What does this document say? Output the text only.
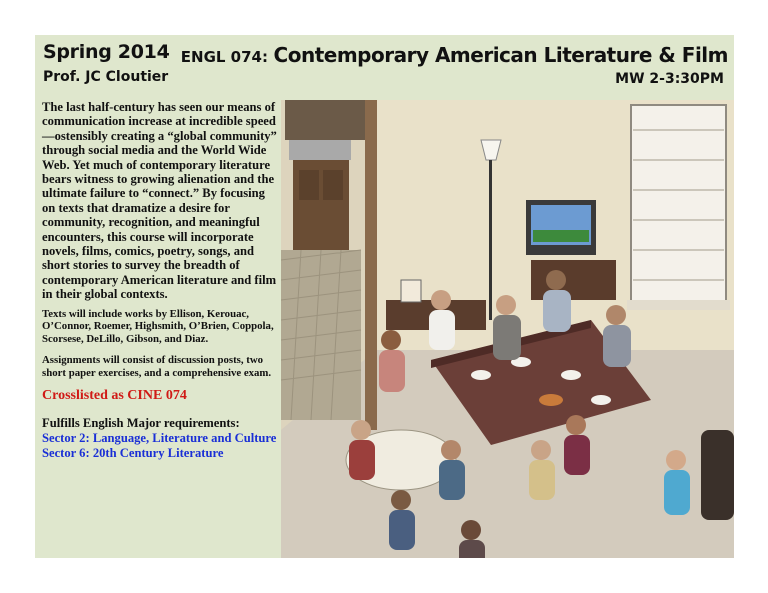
Spring 2014
Prof. JC Cloutier
ENGL 074: Contemporary American Literature & Film
MW 2-3:30PM

The last half-century has seen our means of communication increase at incredible speed—ostensibly creating a “global community” through social media and the World Wide Web. Yet much of contemporary literature bears witness to growing alienation and the ultimate failure to “connect.” By focusing on texts that dramatize a desire for community, recognition, and meaningful encounters, this course will incorporate novels, films, comics, poetry, songs, and short stories to survey the breadth of contemporary American literature and film in their global contexts.

Texts will include works by Ellison, Kerouac, O’Connor, Roemer, Highsmith, O’Brien, Coppola, Scorsese, DeLillo, Gibson, and Diaz.

Assignments will consist of discussion posts, two short paper exercises, and a comprehensive exam.

Crosslisted as CINE 074

Fulfills English Major requirements:

Sector 2: Language, Literature and Culture
Sector 6: 20th Century Literature
